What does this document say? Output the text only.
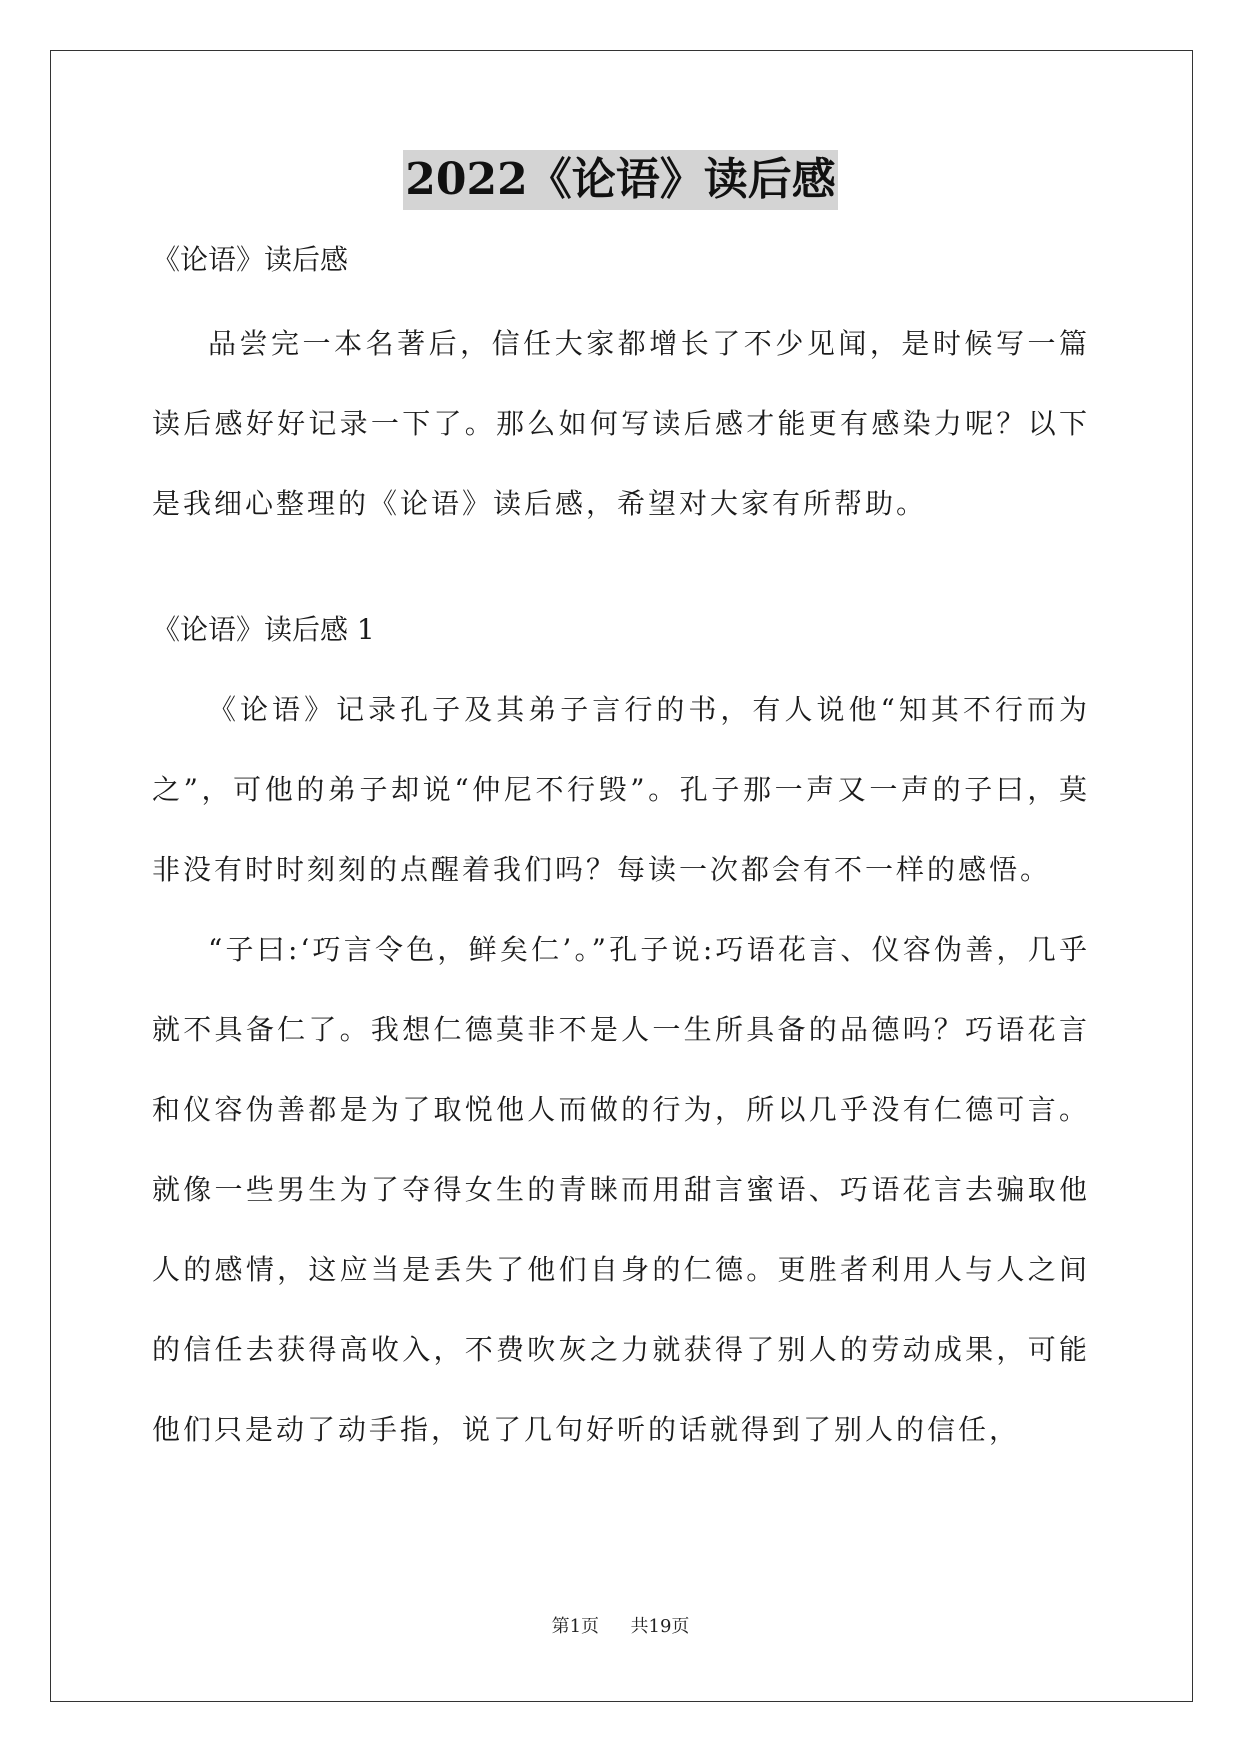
2022《论语》读后感

《论语》读后感

品尝完一本名著后，信任大家都增长了不少见闻，是时候写一篇读后感好好记录一下了。那么如何写读后感才能更有感染力呢？以下是我细心整理的《论语》读后感，希望对大家有所帮助。

《论语》读后感 1

《论语》记录孔子及其弟子言行的书，有人说他“知其不行而为之”，可他的弟子却说“仲尼不行毁”。孔子那一声又一声的子曰，莫非没有时时刻刻的点醒着我们吗？每读一次都会有不一样的感悟。

“子曰:‘巧言令色，鲜矣仁’。”孔子说:巧语花言、仪容伪善，几乎就不具备仁了。我想仁德莫非不是人一生所具备的品德吗？巧语花言和仪容伪善都是为了取悦他人而做的行为，所以几乎没有仁德可言。就像一些男生为了夺得女生的青睐而用甜言蜜语、巧语花言去骗取他人的感情，这应当是丢失了他们自身的仁德。更胜者利用人与人之间的信任去获得高收入，不费吹灰之力就获得了别人的劳动成果，可能他们只是动了动手指，说了几句好听的话就得到了别人的信任，

第1页 共19页
